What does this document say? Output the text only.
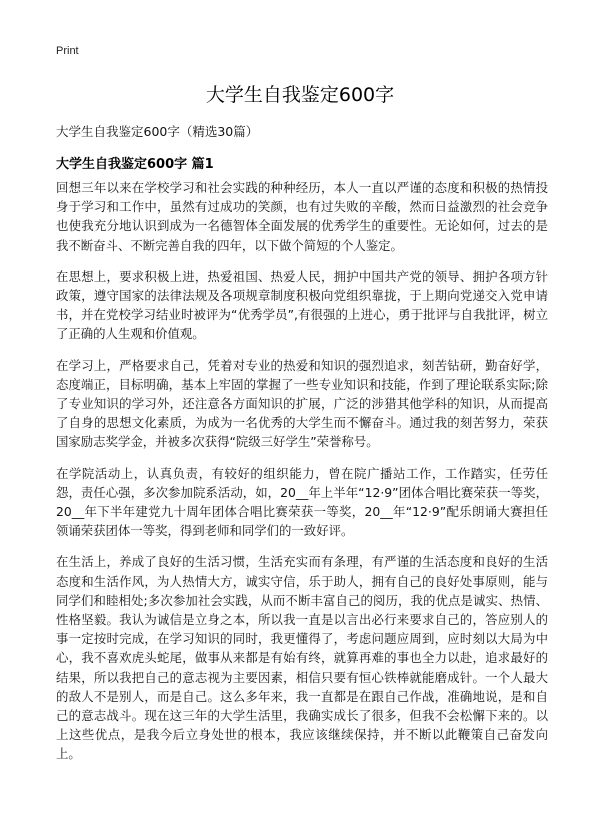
Print
大学生自我鉴定600字
大学生自我鉴定600字（精选30篇）
大学生自我鉴定600字 篇1

回想三年以来在学校学习和社会实践的种种经历，本人一直以严谨的态度和积极的热情投身于学习和工作中，虽然有过成功的笑颜，也有过失败的辛酸，然而日益激烈的社会竞争也使我充分地认识到成为一名德智体全面发展的优秀学生的重要性。无论如何，过去的是我不断奋斗、不断完善自我的四年，以下做个简短的个人鉴定。

在思想上，要求积极上进，热爱祖国、热爱人民，拥护中国共产党的领导、拥护各项方针政策，遵守国家的法律法规及各项规章制度积极向党组织靠拢，于上期向党递交入党申请书，并在党校学习结业时被评为“优秀学员”,有很强的上进心，勇于批评与自我批评，树立了正确的人生观和价值观。

在学习上，严格要求自己，凭着对专业的热爱和知识的强烈追求，刻苦钻研，勤奋好学，态度端正，目标明确，基本上牢固的掌握了一些专业知识和技能，作到了理论联系实际;除了专业知识的学习外，还注意各方面知识的扩展，广泛的涉猎其他学科的知识，从而提高了自身的思想文化素质，为成为一名优秀的大学生而不懈奋斗。通过我的刻苦努力，荣获国家励志奖学金，并被多次获得“院级三好学生”荣誉称号。

在学院活动上，认真负责，有较好的组织能力，曾在院广播站工作，工作踏实，任劳任怨，责任心强，多次参加院系活动，如，20__年上半年“12·9”团体合唱比赛荣获一等奖，20__年下半年建党九十周年团体合唱比赛荣获一等奖，20__年“12·9”配乐朗诵大赛担任领诵荣获团体一等奖，得到老师和同学们的一致好评。

在生活上，养成了良好的生活习惯，生活充实而有条理，有严谨的生活态度和良好的生活态度和生活作风，为人热情大方，诚实守信，乐于助人，拥有自己的良好处事原则，能与同学们和睦相处;多次参加社会实践，从而不断丰富自己的阅历，我的优点是诚实、热情、性格坚毅。我认为诚信是立身之本，所以我一直是以言出必行来要求自己的，答应别人的事一定按时完成，在学习知识的同时，我更懂得了，考虑问题应周到，应时刻以大局为中心，我不喜欢虎头蛇尾，做事从来都是有始有终，就算再难的事也全力以赴，追求最好的结果，所以我把自己的意志视为主要因素，相信只要有恒心铁棒就能磨成针。一个人最大的敌人不是别人，而是自己。这么多年来，我一直都是在跟自己作战，准确地说，是和自己的意志战斗。现在这三年的大学生活里，我确实成长了很多，但我不会松懈下来的。以上这些优点，是我今后立身处世的根本，我应该继续保持，并不断以此鞭策自己奋发向上。
